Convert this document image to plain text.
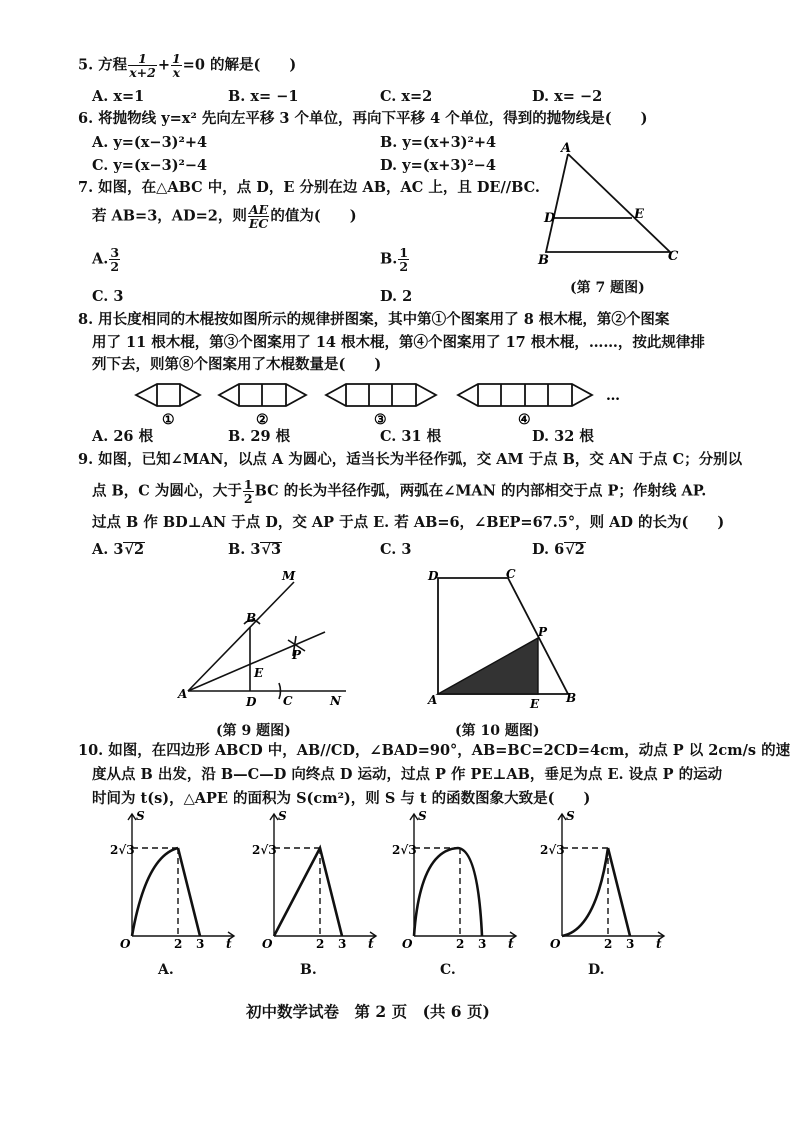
5. 方程 $\frac{1}{x+2} + \frac{1}{x} =0$ 的解是(　　)
A. x=1	B. x= −1	C. x=2	D. x= −2
6. 将抛物线 y=x² 先向左平移 3 个单位，再向下平移 4 个单位，得到的抛物线是(　　)
A. y=(x−3)²+4	B. y=(x+3)²+4
C. y=(x−3)²−4	D. y=(x+3)²−4
7. 如图，在△ABC 中，点 D，E 分别在边 AB，AC 上，且 DE//BC.
若 AB=3，AD=2，则 $\frac{AE}{EC}$ 的值为(　　)
A. $\frac{3}{2}$	B. $\frac{1}{2}$
C. 3	D. 2
A
D	E
B	C
(第 7 题图)
8. 用长度相同的木棍按如图所示的规律拼图案，其中第①个图案用了 8 根木棍，第②个图案
用了 11 根木棍，第③个图案用了 14 根木棍，第④个图案用了 17 根木棍，……，按此规律排
列下去，则第⑧个图案用了木棍数量是(　　)
①	②	③	④
…
A. 26 根	B. 29 根	C. 31 根	D. 32 根
9. 如图，已知∠MAN，以点 A 为圆心，适当长为半径作弧，交 AM 于点 B，交 AN 于点 C；分别以
点 B，C 为圆心，大于 $\frac{1}{2}$ BC 的长为半径作弧，两弧在∠MAN 的内部相交于点 P；作射线 AP.
过点 B 作 BD⊥AN 于点 D，交 AP 于点 E. 若 AB=6，∠BEP=67.5°，则 AD 的长为(　　)
A. 3√2	B. 3√3	C. 3	D. 6√2
M
B
E
P
A
D C	N
(第 9 题图)
D	C
P
A	E B
(第 10 题图)
10. 如图，在四边形 ABCD 中，AB//CD，∠BAD=90°，AB=BC=2CD=4cm，动点 P 以 2cm/s 的速
度从点 B 出发，沿 B—C—D 向终点 D 运动，过点 P 作 PE⊥AB，垂足为点 E. 设点 P 的运动
时间为 t(s)，△APE 的面积为 S(cm²)，则 S 与 t 的函数图象大致是(　　)
S
2√3
O	2 3 t
A.
S
2√3
O	2 3 t
B.
S
2√3
O	2 3 t
C.
S
2√3
O	2 3 t
D.
初中数学试卷　第 2 页　(共 6 页)
